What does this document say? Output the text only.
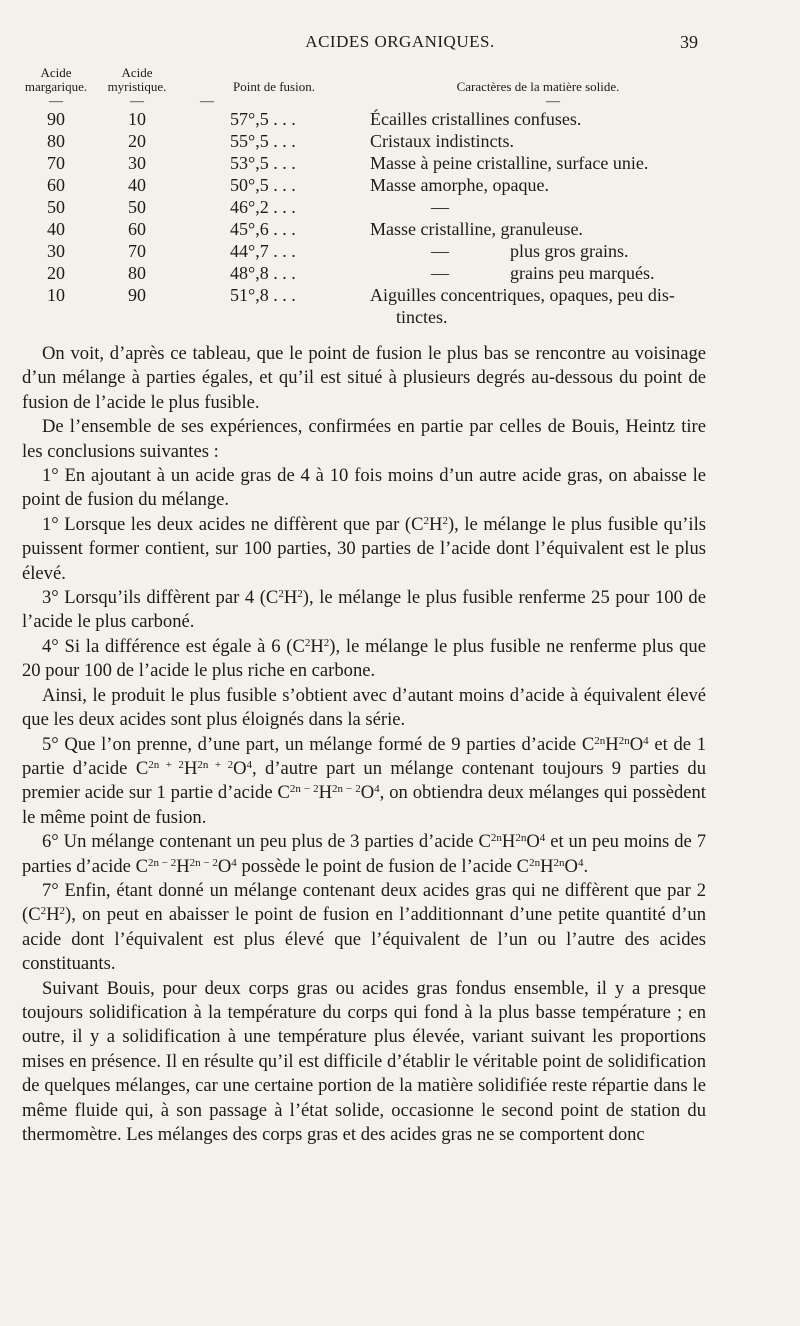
ACIDES ORGANIQUES.	39
Acide margarique.	Acide myristique.	Point de fusion.	Caractères de la matière solide.
—	—	—	—
90	10	57°,5 . . .	Écailles cristallines confuses.
80	20	55°,5 . . .	Cristaux indistincts.
70	30	53°,5 . . .	Masse à peine cristalline, surface unie.
60	40	50°,5 . . .	Masse amorphe, opaque.
50	50	46°,2 . . .	—
40	60	45°,6 . . .	Masse cristalline, granuleuse.
30	70	44°,7 . . .	— plus gros grains.
20	80	48°,8 . . .	— grains peu marqués.
10	90	51°,8 . . .	Aiguilles concentriques, opaques, peu dis-
tinctes.

On voit, d’après ce tableau, que le point de fusion le plus bas se rencontre au voisinage d’un mélange à parties égales, et qu’il est situé à plusieurs degrés au-dessous du point de fusion de l’acide le plus fusible.

De l’ensemble de ses expériences, confirmées en partie par celles de Bouis, Heintz tire les conclusions suivantes :

1° En ajoutant à un acide gras de 4 à 10 fois moins d’un autre acide gras, on abaisse le point de fusion du mélange.

1° Lorsque les deux acides ne diffèrent que par $(C^2H^2)$, le mélange le plus fusible qu’ils puissent former contient, sur 100 parties, 30 parties de l’acide dont l’équivalent est le plus élevé.

3° Lorsqu’ils diffèrent par 4 $(C^2H^2)$, le mélange le plus fusible renferme 25 pour 100 de l’acide le plus carboné.

4° Si la différence est égale à 6 $(C^2H^2)$, le mélange le plus fusible ne renferme plus que 20 pour 100 de l’acide le plus riche en carbone.

Ainsi, le produit le plus fusible s’obtient avec d’autant moins d’acide à équivalent élevé que les deux acides sont plus éloignés dans la série.

5° Que l’on prenne, d’une part, un mélange formé de 9 parties d’acide $C^{2n}H^{2n}O^4$ et de 1 partie d’acide $C^{2n + 2}H^{2n + 2}O^4$, d’autre part un mélange contenant toujours 9 parties du premier acide sur 1 partie d’acide $C^{2n - 2}H^{2n - 2}O^4$, on obtiendra deux mélanges qui possèdent le même point de fusion.

6° Un mélange contenant un peu plus de 3 parties d’acide $C^{2n}H^{2n}O^4$ et un peu moins de 7 parties d’acide $C^{2n - 2}H^{2n - 2}O^4$ possède le point de fusion de l’acide $C^{2n}H^{2n}O^4$.

7° Enfin, étant donné un mélange contenant deux acides gras qui ne diffèrent que par 2 $(C^2H^2)$, on peut en abaisser le point de fusion en l’additionnant d’une petite quantité d’un acide dont l’équivalent est plus élevé que l’équivalent de l’un ou l’autre des acides constituants.

Suivant Bouis, pour deux corps gras ou acides gras fondus ensemble, il y a presque toujours solidification à la température du corps qui fond à la plus basse température ; en outre, il y a solidification à une température plus élevée, variant suivant les proportions mises en présence. Il en résulte qu’il est difficile d’établir le véritable point de solidification de quelques mélanges, car une certaine portion de la matière solidifiée reste répartie dans le même fluide qui, à son passage à l’état solide, occasionne le second point de station du thermomètre. Les mélanges des corps gras et des acides gras ne se comportent donc
